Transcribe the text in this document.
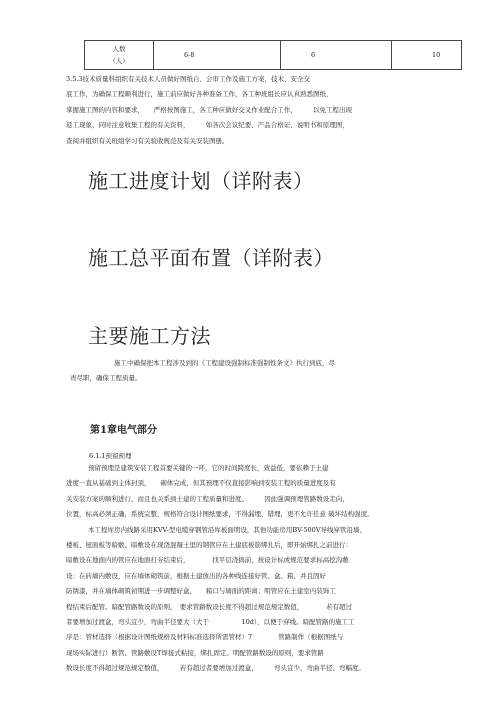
人数
（人）
	6-8	6	10

3.5.3技术质量科组织有关技术人员做好图纸自、会审工作及施工方案，技术、安全交

底工作，为确保工程顺利进行，施工前应做好各种准备工作，各工种班组长应认真熟悉图纸，

掌握施工图的内容和要求，　　严格按图施工，各工种应做好交叉作业配合工作，　　　以免工程出现

返工现象，同时注意收集工程的有关资料，　　　如各次会议纪要、产品合格证、说明书和原理图，

查阅并组织有关班组学习有关验收规范及有关安装图册。

施工进度计划（详附表）
施工总平面布置（详附表）
主要施工方法

施工中确保把本工程涉及到的《工程建设强制标准强制性条文》执行到底，尽

责尽职，确保工程质量。

第1章电气部分

6.1.1预留预埋

预留预埋是建筑安装工程首要关键的一环，它的时间跨度长，效益低，要依赖于土建

进度一直从基础到主体封顶，　　砌体完成，但其预埋不仅直接影响到安装工程的质量进度及有

关安装方案的顺利进行，而且也关系到土建的工程质量和进度。　　　因此强调预埋管路数设走向、

位置，标高必须正确，系统完整，规格符合设计图纸要求，不得漏埋、错埋，更不允许任意 破坏结构强度。

本工程库房内线路采用KVV-型电缆穿钢管沿库板面明设，其他功能房用BV-500V导线穿管沿墙、

楼板、屋面板等暗敷。暗敷设在现浇混凝土里的钢管应在土建底板筋绑扎后，即开始绑扎之前进行：

暗敷设在地面内的管应在地面打夯结束后，　　　　找平层浇捣前，按设计标或规范要求标高挖沟敷

设：在砖墙内敷设，应在墙体砌筑前，根据土建放出的各种线连接好管、盒、箱，并且固好

防锈漆，并在墙体砌筑初期进一步调整好盒、　　箱口与墙面的距离；明管应在土建室内装饰工

程结束后配管。暗配管路数设的原则，　要求管路数设长度不得超过规范规定数值，　　　　若有超过

者要增加过渡盒，弯头宜少，弯曲半径要大（大于　　　　　10d），以便于穿线。暗配管路的施工工

序是：管材选择（根据设计图纸规格及材料标准选择所需管材）7　　　　管路制作（根据图纸与

现场实际进行）断管、管路敷设T焊接式粘接，绑扎固定。明配管路数设的原则，要求管路

数设长度不得超过规范规定数值，　　　若有超过者要增加过渡盒，　　　弯头宜少，弯曲半径、弯幅度。
